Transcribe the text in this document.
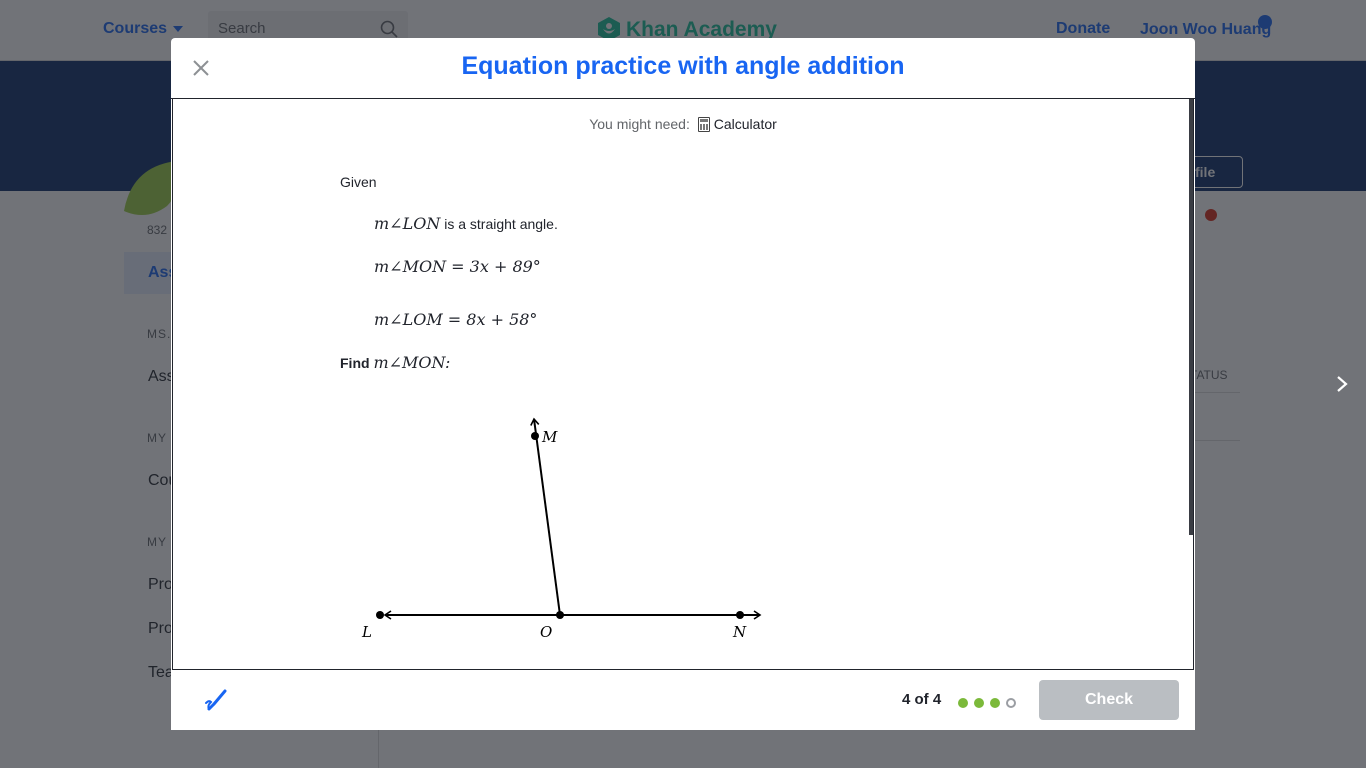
Equation practice with angle addition
You might need: Calculator
Given
m∠LON is a straight angle.
m∠MON = 3x + 89°
m∠LOM = 8x + 58°
Find m∠MON:
L	O	N
M
4 of 4	Check
